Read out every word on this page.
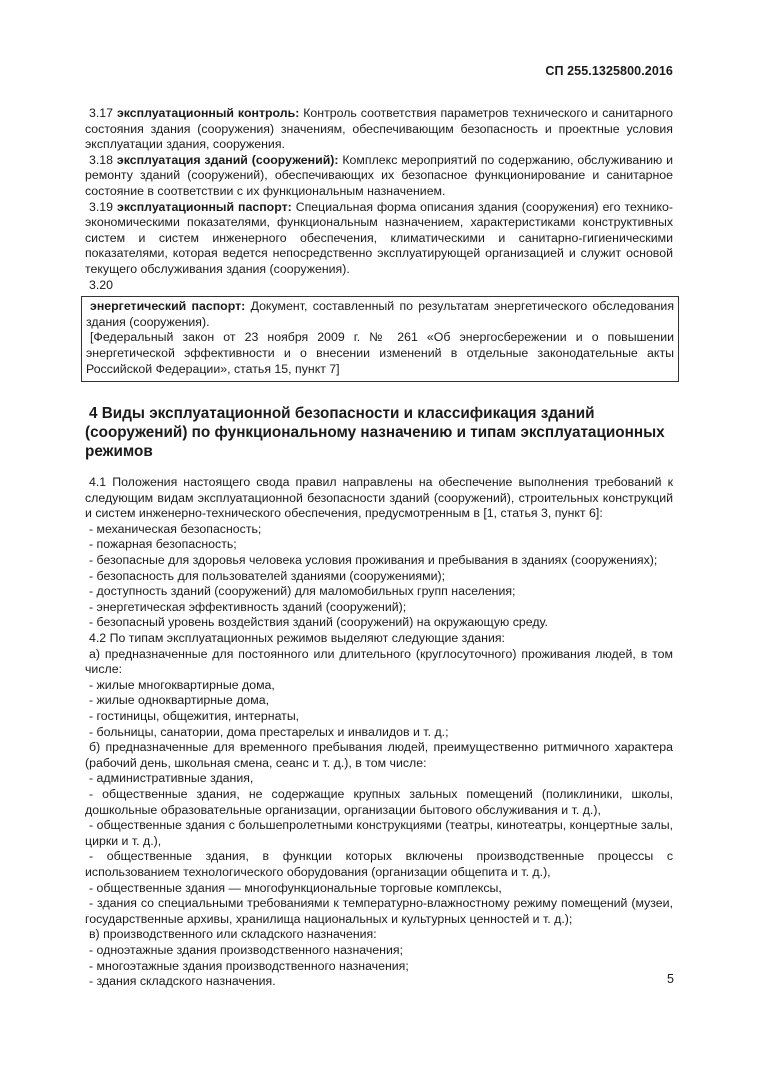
СП 255.1325800.2016

3.17 эксплуатационный контроль: Контроль соответствия параметров технического и санитарного состояния здания (сооружения) значениям, обеспечивающим безопасность и проектные условия эксплуатации здания, сооружения.

3.18 эксплуатация зданий (сооружений): Комплекс мероприятий по содержанию, обслуживанию и ремонту зданий (сооружений), обеспечивающих их безопасное функционирование и санитарное состояние в соответствии с их функциональным назначением.

3.19 эксплуатационный паспорт: Специальная форма описания здания (сооружения) его технико-экономическими показателями, функциональным назначением, характеристиками конструктивных систем и систем инженерного обеспечения, климатическими и санитарно-гигиеническими показателями, которая ведется непосредственно эксплуатирующей организацией и служит основой текущего обслуживания здания (сооружения).

3.20

энергетический паспорт: Документ, составленный по результатам энергетического обследования здания (сооружения).

[Федеральный закон от 23 ноября 2009 г. № 261 «Об энергосбережении и о повышении энергетической эффективности и о внесении изменений в отдельные законодательные акты Российской Федерации», статья 15, пункт 7]

4 Виды эксплуатационной безопасности и классификация зданий (сооружений) по функциональному назначению и типам эксплуатационных режимов

4.1 Положения настоящего свода правил направлены на обеспечение выполнения требований к следующим видам эксплуатационной безопасности зданий (сооружений), строительных конструкций и систем инженерно-технического обеспечения, предусмотренным в [1, статья 3, пункт 6]:

- механическая безопасность;

- пожарная безопасность;

- безопасные для здоровья человека условия проживания и пребывания в зданиях (сооружениях);

- безопасность для пользователей зданиями (сооружениями);

- доступность зданий (сооружений) для маломобильных групп населения;

- энергетическая эффективность зданий (сооружений);

- безопасный уровень воздействия зданий (сооружений) на окружающую среду.

4.2 По типам эксплуатационных режимов выделяют следующие здания:

а) предназначенные для постоянного или длительного (круглосуточного) проживания людей, в том числе:

- жилые многоквартирные дома,

- жилые одноквартирные дома,

- гостиницы, общежития, интернаты,

- больницы, санатории, дома престарелых и инвалидов и т. д.;

б) предназначенные для временного пребывания людей, преимущественно ритмичного характера (рабочий день, школьная смена, сеанс и т. д.), в том числе:

- административные здания,

- общественные здания, не содержащие крупных зальных помещений (поликлиники, школы, дошкольные образовательные организации, организации бытового обслуживания и т. д.),

- общественные здания с большепролетными конструкциями (театры, кинотеатры, концертные залы, цирки и т. д.),

- общественные здания, в функции которых включены производственные процессы с использованием технологического оборудования (организации общепита и т. д.),

- общественные здания — многофункциональные торговые комплексы,

- здания со специальными требованиями к температурно-влажностному режиму помещений (музеи, государственные архивы, хранилища национальных и культурных ценностей и т. д.);

в) производственного или складского назначения:

- одноэтажные здания производственного назначения;

- многоэтажные здания производственного назначения;

- здания складского назначения.	5
